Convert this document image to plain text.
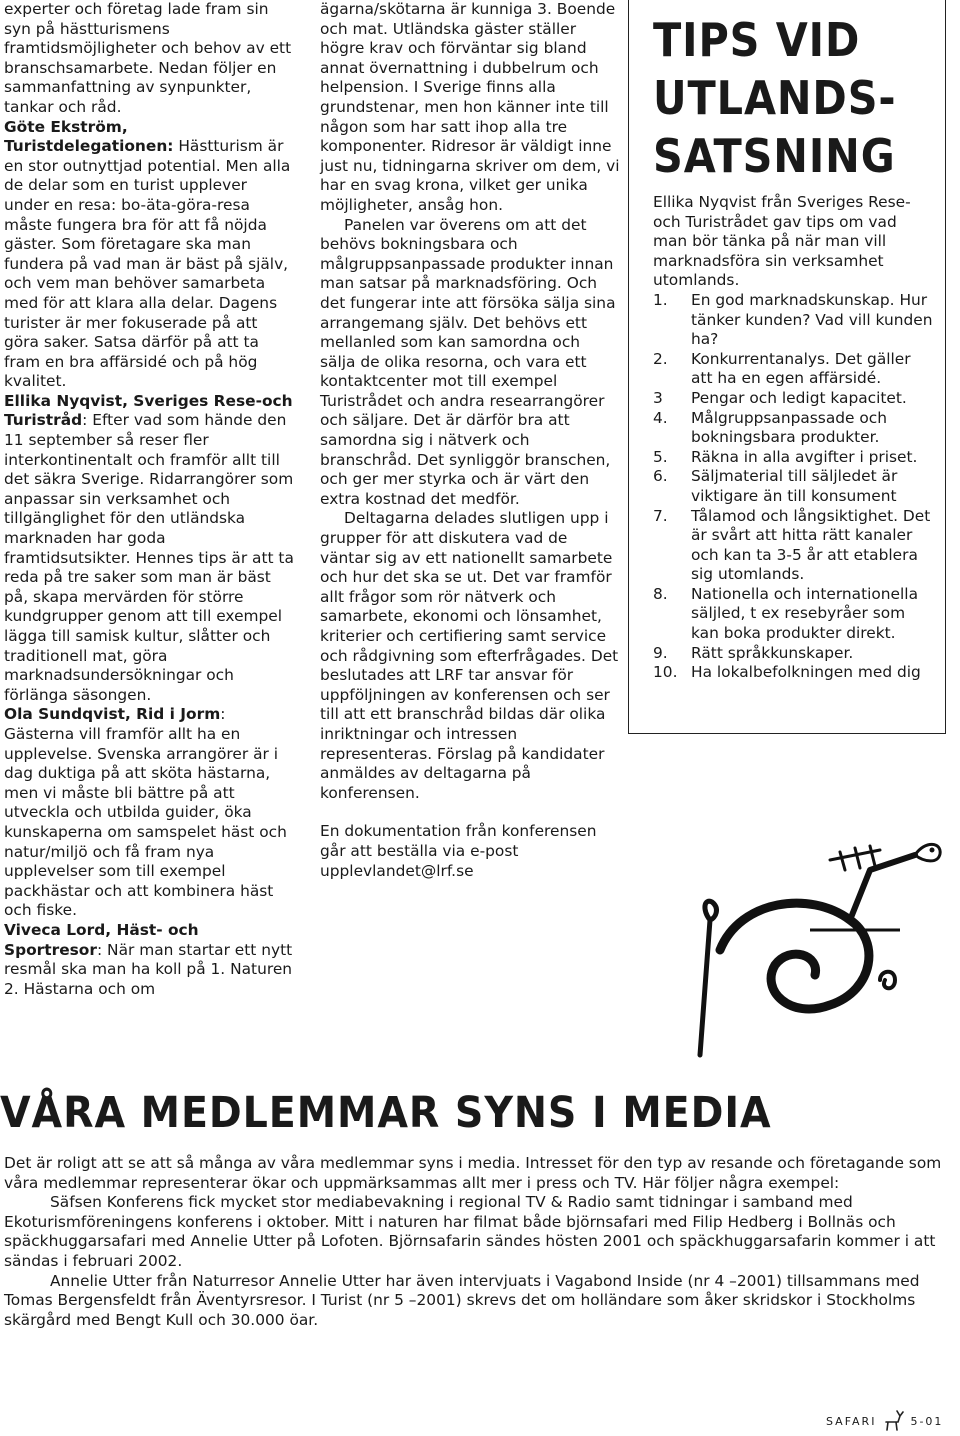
experter och företag lade fram sin syn på hästturismens framtidsmöjligheter och behov av ett branschsamarbete. Nedan följer en sammanfattning av synpunkter, tankar och råd.

Göte Ekström, Turistdelegationen: Hästturism är en stor outnyttjad potential. Men alla de delar som en turist upplever under en resa: bo-äta-göra-resa måste fungera bra för att få nöjda gäster. Som företagare ska man fundera på vad man är bäst på själv, och vem man behöver samarbeta med för att klara alla delar. Dagens turister är mer fokuserade på att göra saker. Satsa därför på att ta fram en bra affärsidé och på hög kvalitet.

Ellika Nyqvist, Sveriges Rese-och Turistråd: Efter vad som hände den 11 september så reser fler interkontinentalt och framför allt till det säkra Sverige. Ridarrangörer som anpassar sin verksamhet och tillgänglighet för den utländska marknaden har goda framtidsutsikter. Hennes tips är att ta reda på tre saker som man är bäst på, skapa mervärden för större kundgrupper genom att till exempel lägga till samisk kultur, slåtter och traditionell mat, göra marknadsundersökningar och förlänga säsongen.

Ola Sundqvist, Rid i Jorm: Gästerna vill framför allt ha en upplevelse. Svenska arrangörer är i dag duktiga på att sköta hästarna, men vi måste bli bättre på att utveckla och utbilda guider, öka kunskaperna om samspelet häst och natur/miljö och få fram nya upplevelser som till exempel packhästar och att kombinera häst och fiske.

Viveca Lord, Häst- och Sportresor: När man startar ett nytt resmål ska man ha koll på 1. Naturen 2. Hästarna och om

ägarna/skötarna är kunniga 3. Boende och mat. Utländska gäster ställer högre krav och förväntar sig bland annat övernattning i dubbelrum och helpension. I Sverige finns alla grundstenar, men hon känner inte till någon som har satt ihop alla tre komponenter. Ridresor är väldigt inne just nu, tidningarna skriver om dem, vi har en svag krona, vilket ger unika möjligheter, ansåg hon.

Panelen var överens om att det behövs bokningsbara och målgruppsanpassade produkter innan man satsar på marknadsföring. Och det fungerar inte att försöka sälja sina arrangemang själv. Det behövs ett mellanled som kan samordna och sälja de olika resorna, och vara ett kontaktcenter mot till exempel Turistrådet och andra researrangörer och säljare. Det är därför bra att samordna sig i nätverk och branschråd. Det synliggör branschen, och ger mer styrka och är värt den extra kostnad det medför.

Deltagarna delades slutligen upp i grupper för att diskutera vad de väntar sig av ett nationellt samarbete och hur det ska se ut. Det var framför allt frågor som rör nätverk och samarbete, ekonomi och lönsamhet, kriterier och certifiering samt service och rådgivning som efterfrågades. Det beslutades att LRF tar ansvar för uppföljningen av konferensen och ser till att ett branschråd bildas där olika inriktningar och intressen representeras. Förslag på kandidater anmäldes av deltagarna på konferensen.

En dokumentation från konferensen går att beställa via e-post upplevlandet@lrf.se

TIPS VID
UTLANDS-
SATSNING

Ellika Nyqvist från Sveriges Rese-och Turistrådet gav tips om vad man bör tänka på när man vill marknadsföra sin verksamhet utomlands.

1.	En god marknadskunskap. Hur tänker kunden? Vad vill kunden ha?
2.	Konkurrentanalys. Det gäller att ha en egen affärsidé.
3	Pengar och ledigt kapacitet.
4.	Målgruppsanpassade och bokningsbara produkter.
5.	Räkna in alla avgifter i priset.
6.	Säljmaterial till säljledet är viktigare än till konsument
7.	Tålamod och långsiktighet. Det är svårt att hitta rätt kanaler och kan ta 3-5 år att etablera sig utomlands.
8.	Nationella och internationella säljled, t ex resebyråer som kan boka produkter direkt.
9.	Rätt språkkunskaper.
10. Ha lokalbefolkningen med dig
VÅRA MEDLEMMAR SYNS I MEDIA

Det är roligt att se att så många av våra medlemmar syns i media. Intresset för den typ av resande och företagande som våra medlemmar representerar ökar och uppmärksammas allt mer i press och TV. Här följer några exempel:

Säfsen Konferens fick mycket stor mediabevakning i regional TV & Radio samt tidningar i samband med Ekoturismföreningens konferens i oktober. Mitt i naturen har filmat både björnsafari med Filip Hedberg i Bollnäs och späckhuggarsafari med Annelie Utter på Lofoten. Björnsafarin sändes hösten 2001 och späckhuggarsafarin kommer i att sändas i februari 2002.

Annelie Utter från Naturresor Annelie Utter har även intervjuats i Vagabond Inside (nr 4 –2001) tillsammans med Tomas Bergensfeldt från Äventyrsresor. I Turist (nr 5 –2001) skrevs det om holländare som åker skridskor i Stockholms skärgård med Bengt Kull och 30.000 öar.

SAFARI	5-01
